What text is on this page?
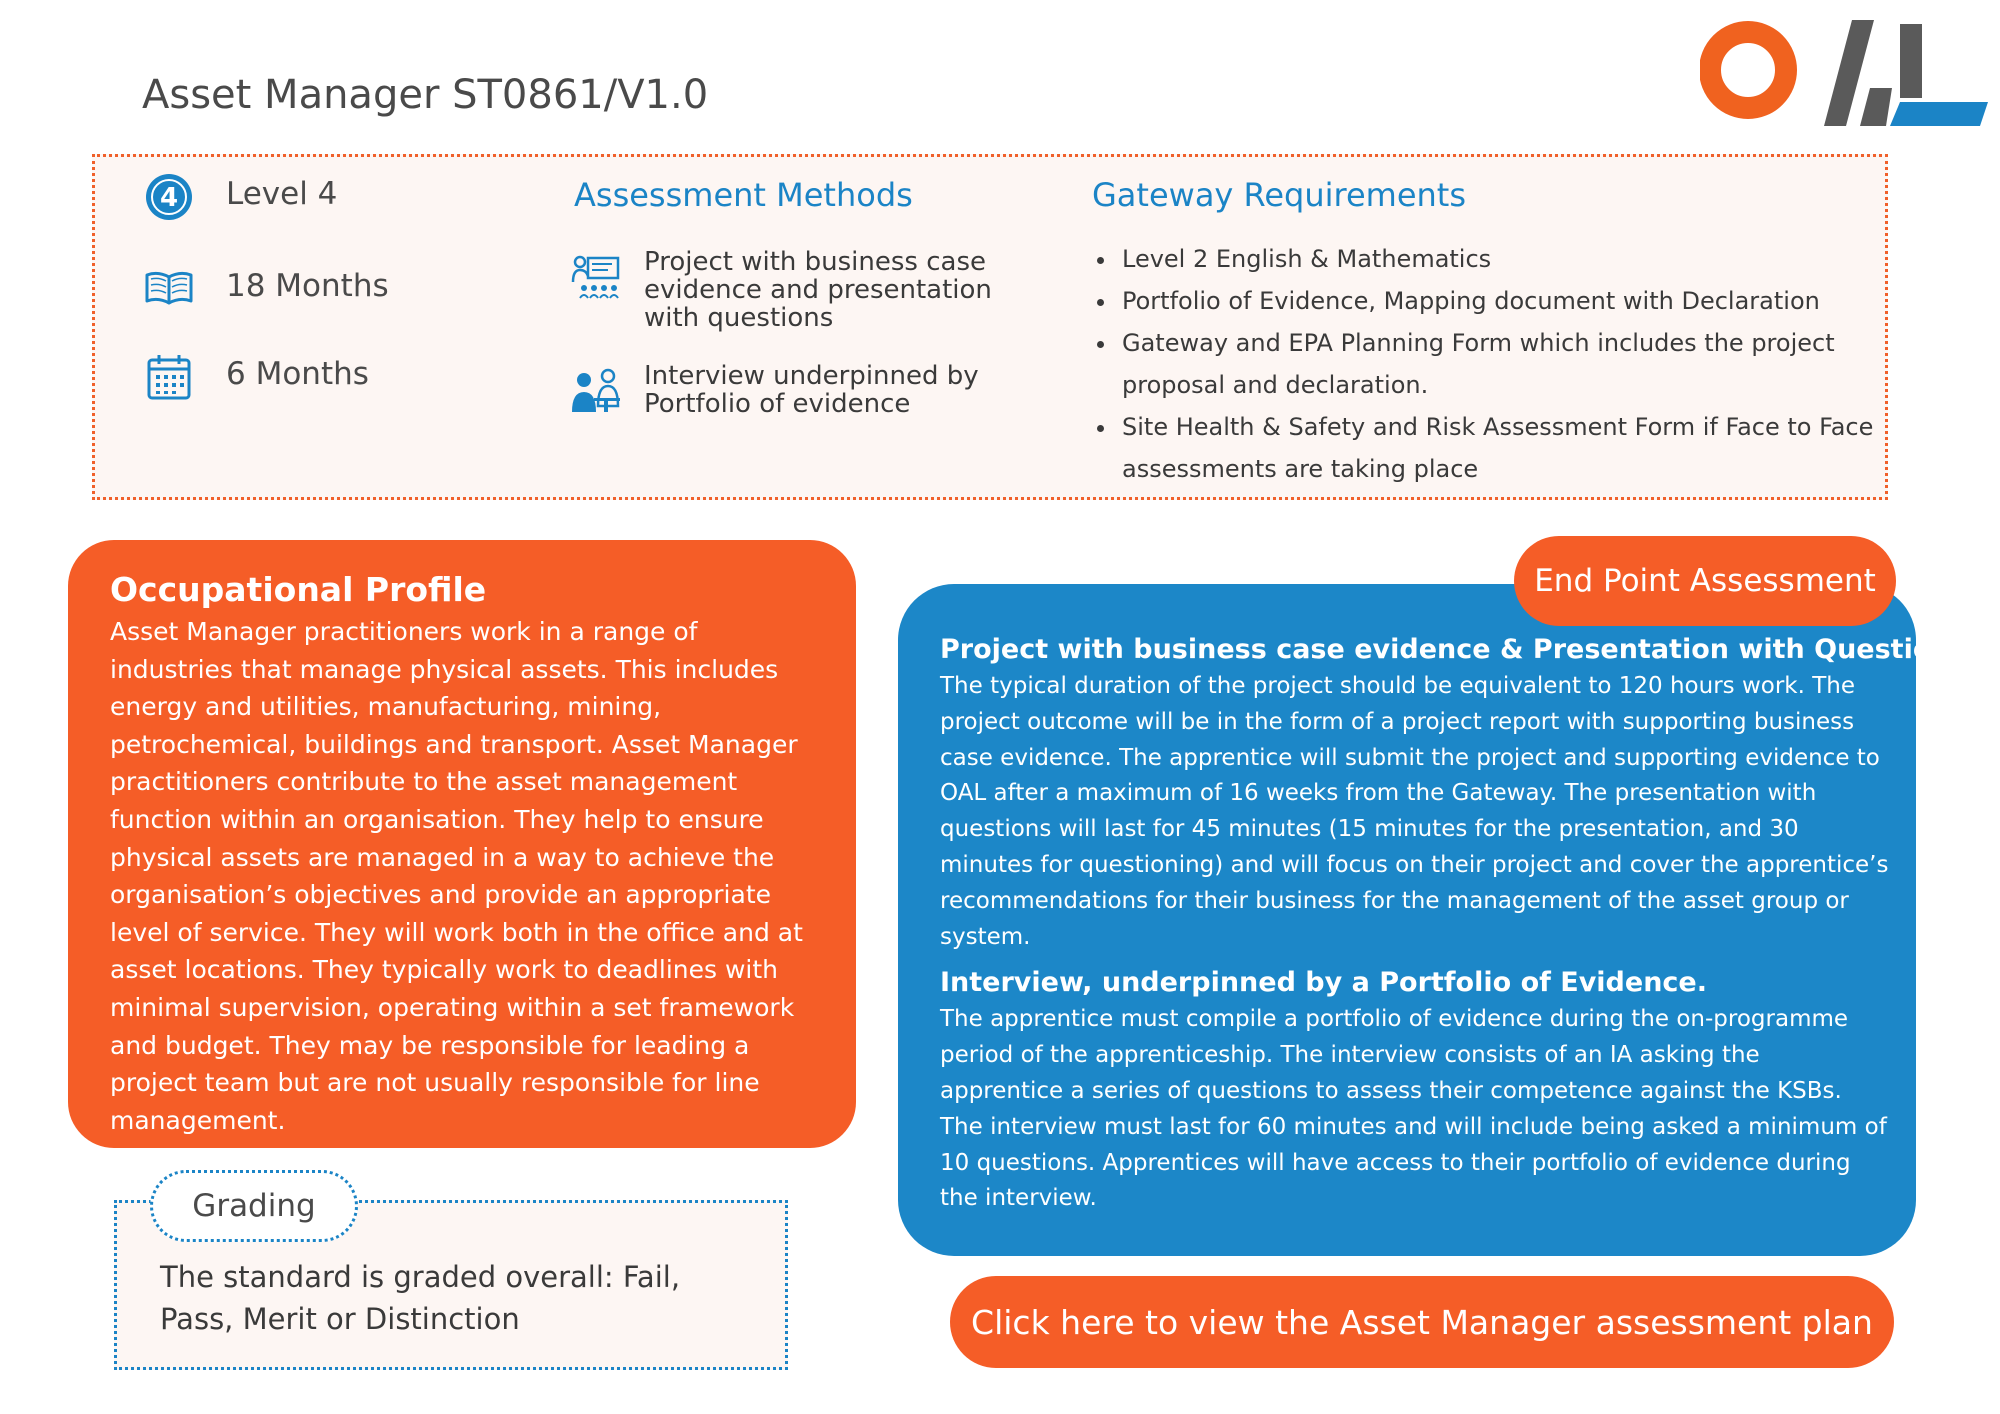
Asset Manager ST0861/V1.0
4 Level 4
18 Months
6 Months
Assessment Methods
Project with business case evidence and presentation with questions
Interview underpinned by Portfolio of evidence
Gateway Requirements
• Level 2 English & Mathematics
• Portfolio of Evidence, Mapping document with Declaration
• Gateway and EPA Planning Form which includes the project proposal and declaration.
• Site Health & Safety and Risk Assessment Form if Face to Face assessments are taking place

Occupational Profile

Asset Manager practitioners work in a range of industries that manage physical assets. This includes energy and utilities, manufacturing, mining, petrochemical, buildings and transport. Asset Manager practitioners contribute to the asset management function within an organisation. They help to ensure physical assets are managed in a way to achieve the organisation’s objectives and provide an appropriate level of service. They will work both in the office and at asset locations. They typically work to deadlines with minimal supervision, operating within a set framework and budget. They may be responsible for leading a project team but are not usually responsible for line management.

Grading
The standard is graded overall: Fail, Pass, Merit or Distinction

Project with business case evidence & Presentation with Questions.

The typical duration of the project should be equivalent to 120 hours work. The project outcome will be in the form of a project report with supporting business case evidence. The apprentice will submit the project and supporting evidence to OAL after a maximum of 16 weeks from the Gateway. The presentation with questions will last for 45 minutes (15 minutes for the presentation, and 30 minutes for questioning) and will focus on their project and cover the apprentice’s recommendations for their business for the management of the asset group or system.

Interview, underpinned by a Portfolio of Evidence.

The apprentice must compile a portfolio of evidence during the on-programme period of the apprenticeship. The interview consists of an IA asking the apprentice a series of questions to assess their competence against the KSBs. The interview must last for 60 minutes and will include being asked a minimum of 10 questions. Apprentices will have access to their portfolio of evidence during the interview.

End Point Assessment
Click here to view the Asset Manager assessment plan
